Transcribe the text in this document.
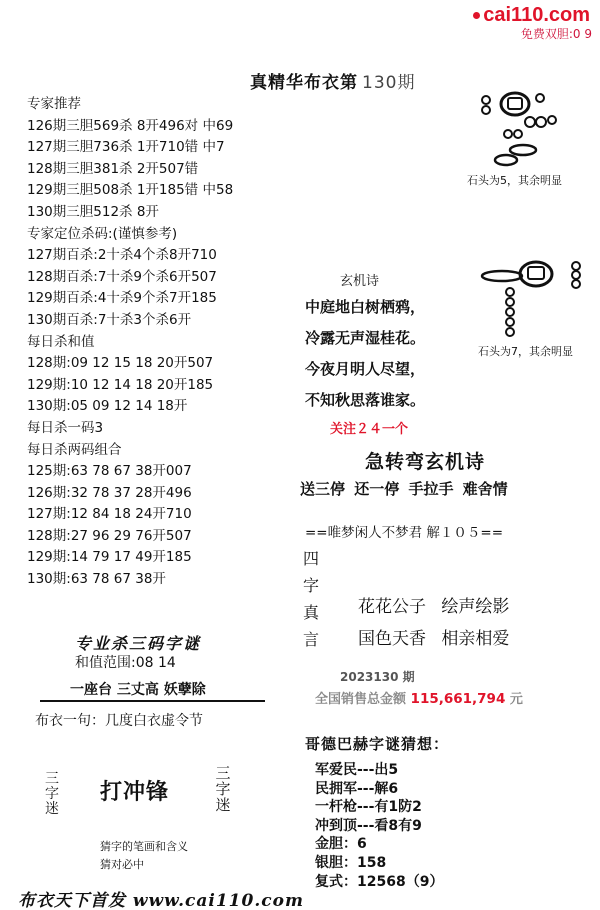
cai110.com
免费双胆:0 9
真精华布衣第 130期
专家推荐
126期三胆569杀 8开496对 中69
127期三胆736杀 1开710错 中7
128期三胆381杀 2开507错
129期三胆508杀 1开185错 中58
130期三胆512杀 8开
专家定位杀码:(谨慎参考)
127期百杀:2十杀4个杀8开710
128期百杀:7十杀9个杀6开507
129期百杀:4十杀9个杀7开185
130期百杀:7十杀3个杀6开
每日杀和值
128期:09 12 15 18 20开507
129期:10 12 14 18 20开185
130期:05 09 12 14 18开
每日杀一码3
每日杀两码组合
125期:63 78 67 38开007
126期:32 78 37 28开496
127期:12 84 18 24开710
128期:27 96 29 76开507
129期:14 79 17 49开185
130期:63 78 67 38开
专业杀三码字谜
和值范围:08 14
一座台 三丈高 妖孽除
布衣一句：几度白衣虚令节
三字迷
打冲锋
三字迷
猜字的笔画和含义
猜对必中
布衣天下首发 www.cai110.com
石头为5，其余明显
石头为7，其余明显
玄机诗
中庭地白树栖鸦，
冷露无声湿桂花。
今夜月明人尽望，
不知秋思落谁家。
关注２４一个
急转弯玄机诗
送三停 还一停 手拉手 难舍情
==唯梦闲人不梦君 解１０５==
四字真言
花花公子 绘声绘影
国色天香 相亲相爱
2023130 期
全国销售总金额 115,661,794 元
哥德巴赫字谜猜想：
军爱民---出5
民拥军---解6
一杆枪---有1防2
冲到顶---看8有9
金胆：6
银胆：158
复式：12568（9）
